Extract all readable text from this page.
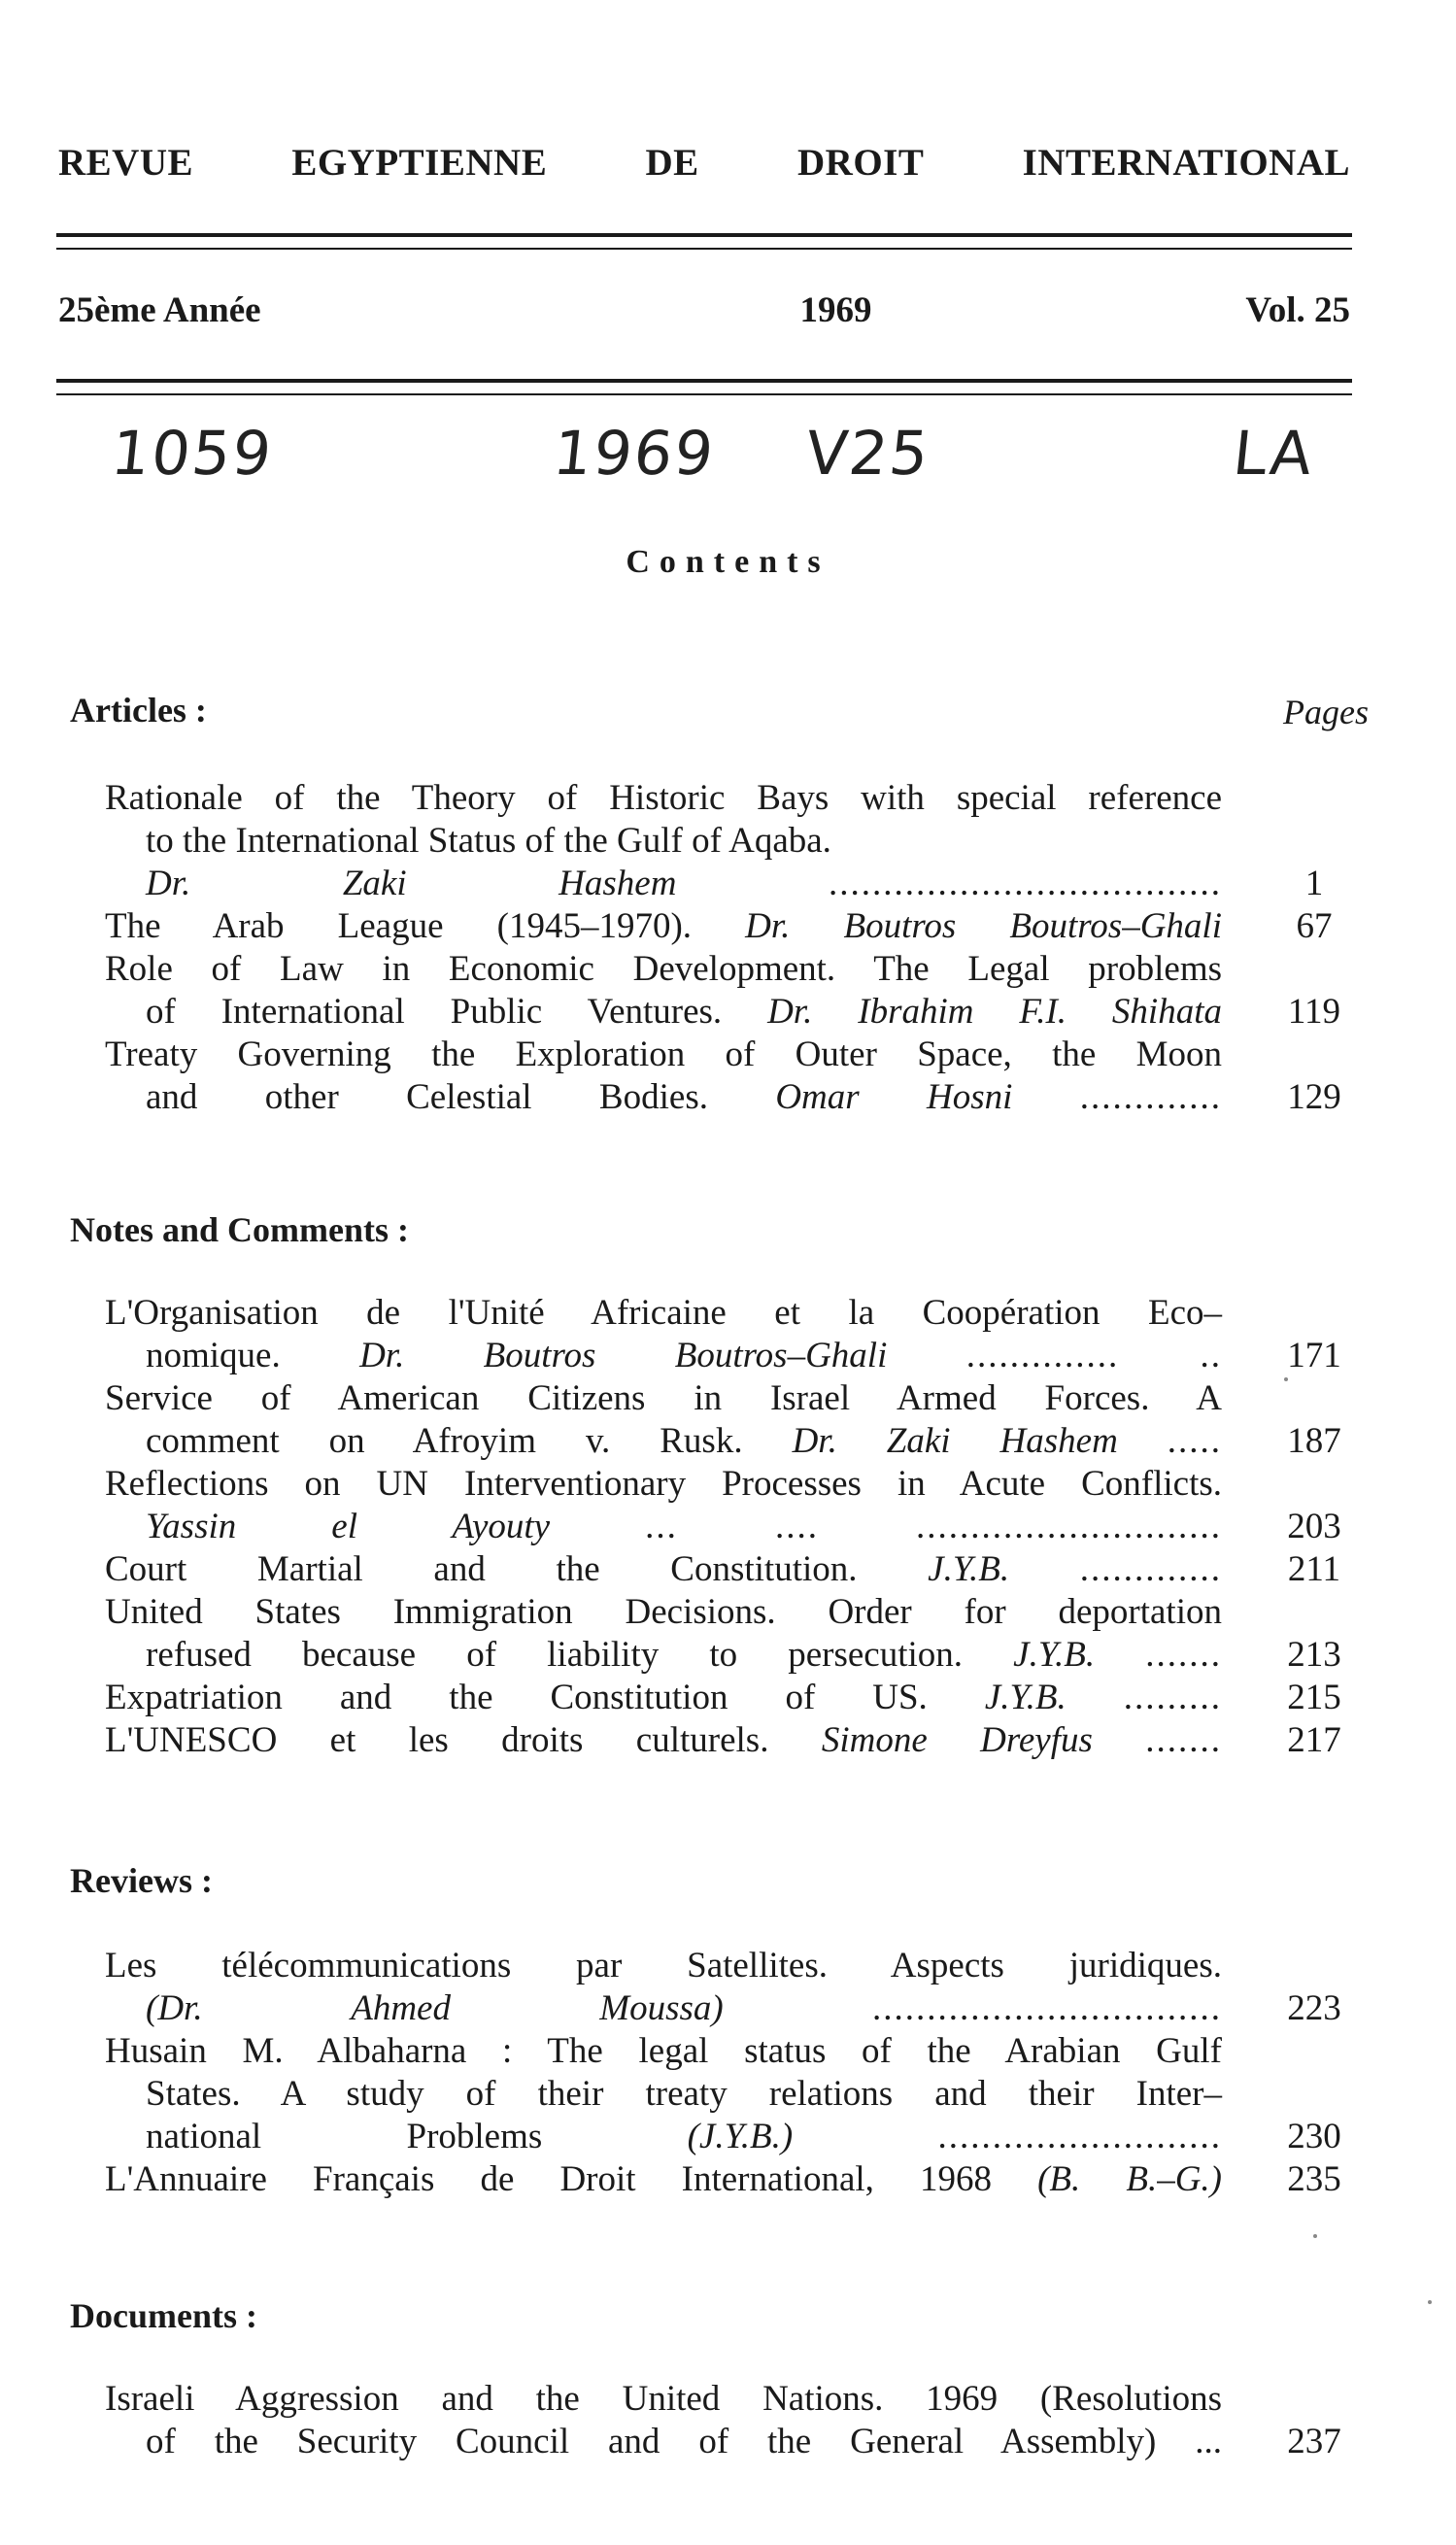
REVUE	EGYPTIENNE	DE	DROIT	INTERNATIONAL
25ème Année	1969	Vol. 25
1059	1969 V25	LA
Contents
Articles :	Pages
Rationale of the Theory of Historic Bays with special reference
to the International Status of the Gulf of Aqaba.
Dr. Zaki Hashem	....................................	1
The Arab League (1945–1970). Dr. Boutros Boutros–Ghali	67
Role of Law in Economic Development. The Legal problems
of International Public Ventures. Dr. Ibrahim F.I. Shihata	119
Treaty Governing the Exploration of Outer Space, the Moon
and other Celestial Bodies. Omar Hosni .............	129
Notes and Comments :
L'Organisation de l'Unité Africaine et la Coopération Eco–
nomique. Dr. Boutros Boutros–Ghali .............. ..	171
Service of American Citizens in Israel Armed Forces. A
comment on Afroyim v. Rusk. Dr. Zaki Hashem .....	187
Reflections on UN Interventionary Processes in Acute Conflicts.
Yassin el Ayouty	... .... ............................	203
Court Martial and the Constitution. J.Y.B. .............	211
United States Immigration Decisions. Order for deportation
refused because of liability to persecution. J.Y.B. .......	213
Expatriation and the Constitution of US. J.Y.B. .........	215
L'UNESCO et les droits culturels. Simone Dreyfus .......	217
Reviews :
Les télécommunications par Satellites. Aspects juridiques.
(Dr. Ahmed Moussa)	................................	223
Husain M. Albaharna : The legal status of the Arabian Gulf
States. A study of their treaty relations and their Inter–
national Problems	(J.Y.B.)	..........................	230
L'Annuaire Français de Droit International, 1968 (B. B.–G.)	235
Documents :
Israeli Aggression and the United Nations. 1969 (Resolutions
of the Security Council and of the General Assembly) ...	237
